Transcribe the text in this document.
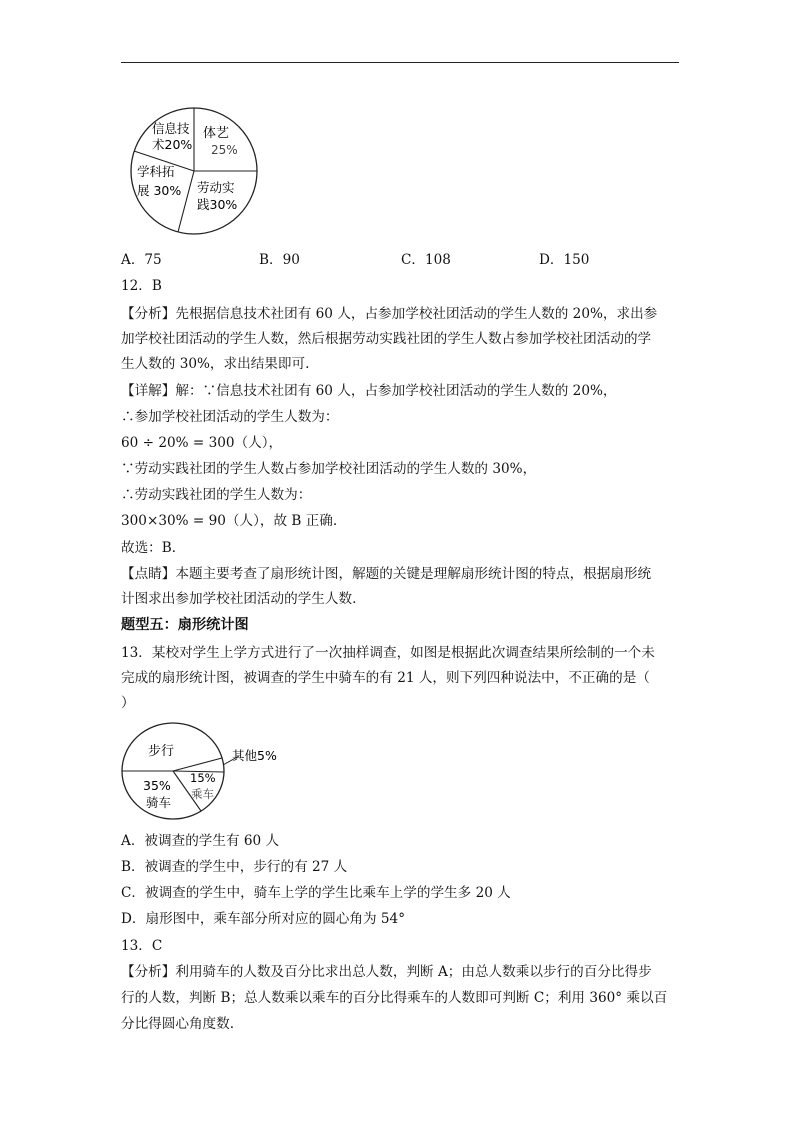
体艺
25%
劳动实
践30%
学科拓
展 30%
信息技
术20%
A．75	B．90	C．108	D．150
12．B
【分析】先根据信息技术社团有 60 人，占参加学校社团活动的学生人数的 20%，求出参
加学校社团活动的学生人数，然后根据劳动实践社团的学生人数占参加学校社团活动的学
生人数的 30%，求出结果即可.
【详解】解：∵信息技术社团有 60 人，占参加学校社团活动的学生人数的 20%，
∴参加学校社团活动的学生人数为：
60 ÷ 20% = 300（人），
∵劳动实践社团的学生人数占参加学校社团活动的学生人数的 30%，
∴劳动实践社团的学生人数为：
300×30% = 90（人），故 B 正确.
故选：B．
【点睛】本题主要考查了扇形统计图，解题的关键是理解扇形统计图的特点，根据扇形统
计图求出参加学校社团活动的学生人数.
题型五：扇形统计图
13．某校对学生上学方式进行了一次抽样调查，如图是根据此次调查结果所绘制的一个未
完成的扇形统计图，被调查的学生中骑车的有 21 人，则下列四种说法中，不正确的是（
）
步行	其他5%
15%
乘车
35%
骑车
A．被调查的学生有 60 人
B．被调查的学生中，步行的有 27 人
C．被调查的学生中，骑车上学的学生比乘车上学的学生多 20 人
D．扇形图中，乘车部分所对应的圆心角为 54°
13．C
【分析】利用骑车的人数及百分比求出总人数，判断 A；由总人数乘以步行的百分比得步
行的人数，判断 B；总人数乘以乘车的百分比得乘车的人数即可判断 C；利用 360° 乘以百
分比得圆心角度数.
